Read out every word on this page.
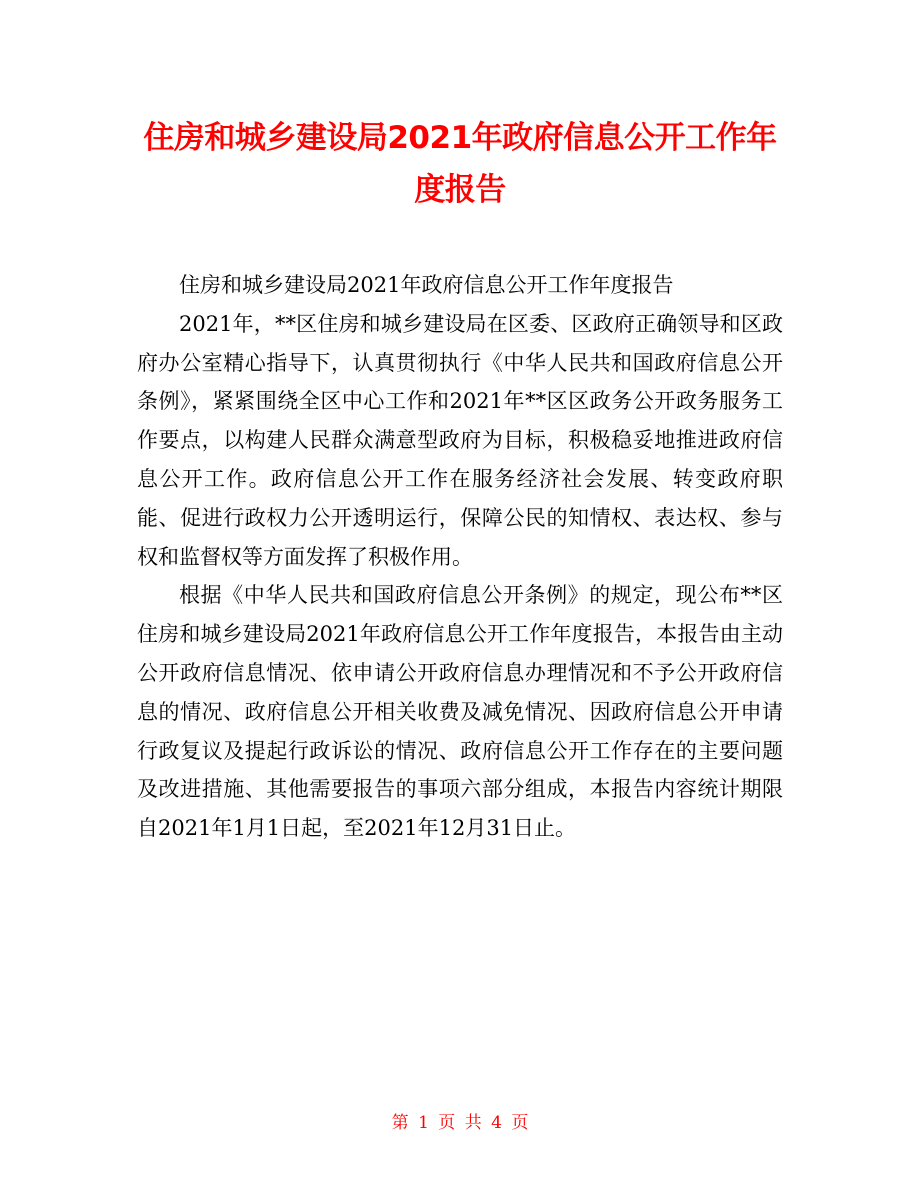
住房和城乡建设局2021年政府信息公开工作年度报告

住房和城乡建设局2021年政府信息公开工作年度报告

2021年，**区住房和城乡建设局在区委、区政府正确领导和区政府办公室精心指导下，认真贯彻执行《中华人民共和国政府信息公开条例》，紧紧围绕全区中心工作和2021年**区区政务公开政务服务工作要点，以构建人民群众满意型政府为目标，积极稳妥地推进政府信息公开工作。政府信息公开工作在服务经济社会发展、转变政府职能、促进行政权力公开透明运行，保障公民的知情权、表达权、参与权和监督权等方面发挥了积极作用。

根据《中华人民共和国政府信息公开条例》的规定，现公布**区住房和城乡建设局2021年政府信息公开工作年度报告，本报告由主动公开政府信息情况、依申请公开政府信息办理情况和不予公开政府信息的情况、政府信息公开相关收费及减免情况、因政府信息公开申请行政复议及提起行政诉讼的情况、政府信息公开工作存在的主要问题及改进措施、其他需要报告的事项六部分组成，本报告内容统计期限自2021年1月1日起，至2021年12月31日止。

第 1 页 共 4 页
